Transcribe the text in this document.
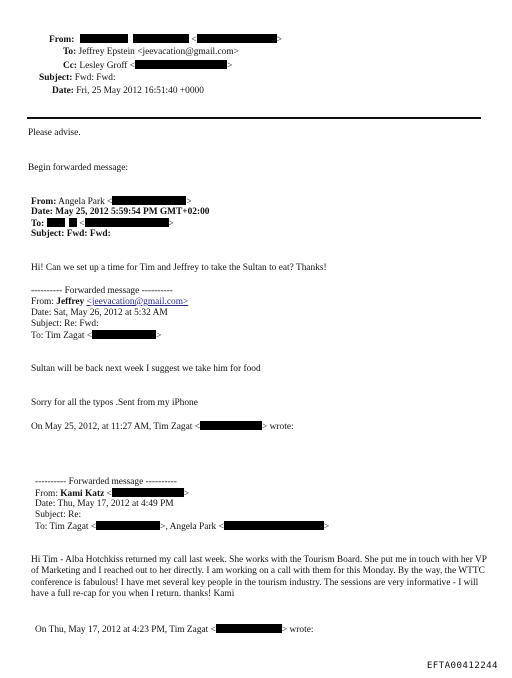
From:	<	>
To: Jeffrey Epstein <jeevacation@gmail.com>
Cc: Lesley Groff <	>
Subject: Fwd: Fwd:
Date: Fri, 25 May 2012 16:51:40 +0000
Please advise.
Begin forwarded message:
From: Angela Park <	>
Date: May 25, 2012 5:59:54 PM GMT+02:00
To:	<	>
Subject: Fwd: Fwd:
Hi! Can we set up a time for Tim and Jeffrey to take the Sultan to eat? Thanks!
---------- Forwarded message ----------
From: Jeffrey <jeevacation@gmail.com>
Date: Sat, May 26, 2012 at 5:32 AM
Subject: Re: Fwd:
To: Tim Zagat <	>
Sultan will be back next week I suggest we take him for food
Sorry for all the typos .Sent from my iPhone
On May 25, 2012, at 11:27 AM, Tim Zagat <	> wrote:
---------- Forwarded message ----------
From: Kami Katz <	>
Date: Thu, May 17, 2012 at 4:49 PM
Subject: Re:
To: Tim Zagat <	>, Angela Park <	>
Hi Tim - Alba Hotchkiss returned my call last week. She works with the Tourism Board. She put me in touch with her VP of Marketing and I reached out to her directly. I am working on a call with them for this Monday. By the way, the WTTC conference is fabulous! I have met several key people in the tourism industry. The sessions are very informative - I will have a full re-cap for you when I return. thanks! Kami
On Thu, May 17, 2012 at 4:23 PM, Tim Zagat <	> wrote:
EFTA00412244
